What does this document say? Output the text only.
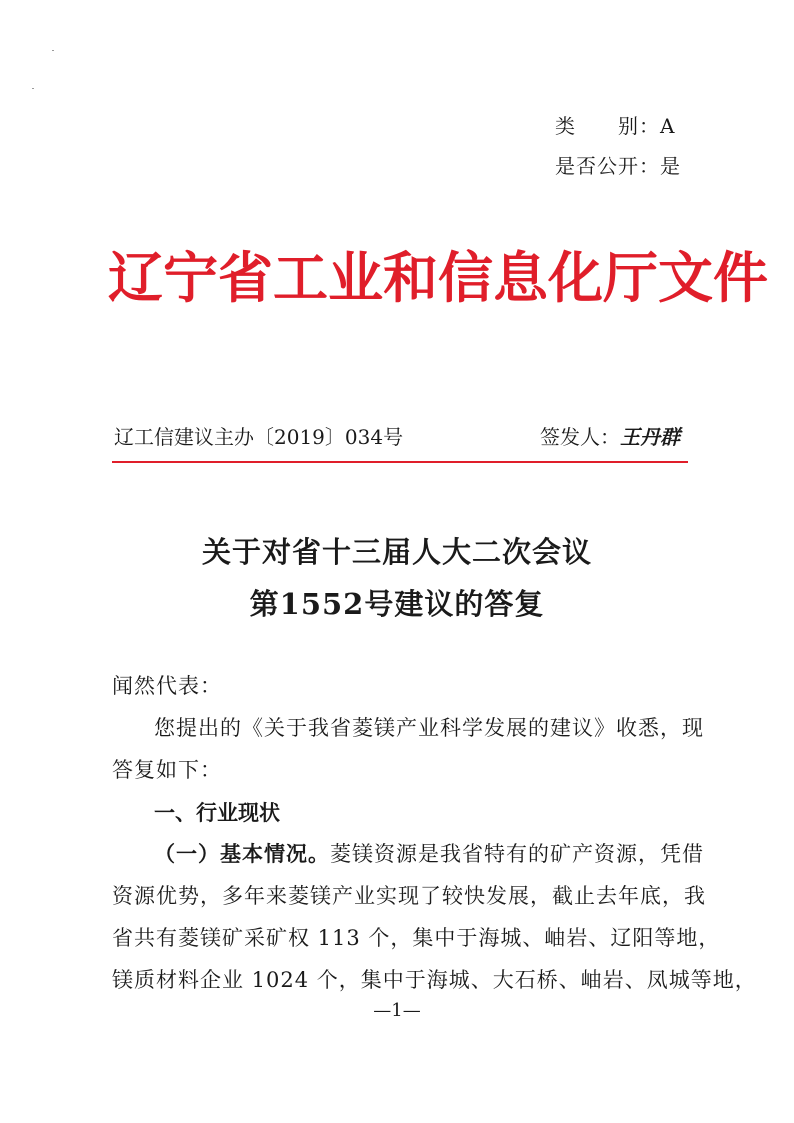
类　　别：A
是否公开：是
辽宁省工业和信息化厅文件
辽工信建议主办〔2019〕034号	签发人：王丹群
关于对省十三届人大二次会议
第1552号建议的答复
闻然代表：
您提出的《关于我省菱镁产业科学发展的建议》收悉，现
答复如下：
一、行业现状
（一）基本情况。菱镁资源是我省特有的矿产资源，凭借
资源优势，多年来菱镁产业实现了较快发展，截止去年底，我
省共有菱镁矿采矿权 113 个，集中于海城、岫岩、辽阳等地，
镁质材料企业 1024 个，集中于海城、大石桥、岫岩、凤城等地，
—1—
